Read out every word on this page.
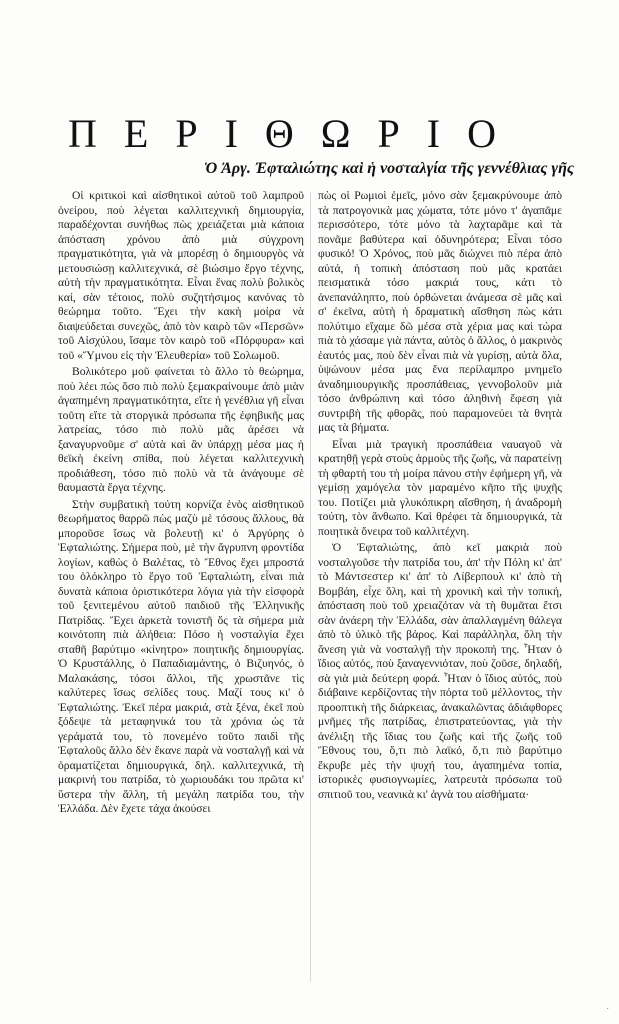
ΠΕΡΙΘΩΡΙΟ
Ὁ Ἀργ. Ἐφταλιώτης καὶ ἡ νοσταλγία τῆς γεννέθλιας γῆς

Οἱ κριτικοὶ καὶ αἰσθητικοὶ αὐτοῦ τοῦ λαμπροῦ ὀνείρου, ποὺ λέγεται καλλιτεχνικὴ δημιουργία, παραδέχονται συνήθως πὼς χρειάζεται μιὰ κάποια ἀπόσταση χρόνου ἀπὸ μιὰ σύγχρονη πραγματικότητα, γιὰ νὰ μπορέσῃ ὁ δημιουργὸς νὰ μετουσιώσῃ καλλιτεχνικά, σὲ βιώσιμο ἔργο τέχνης, αὐτὴ τὴν πραγματικότητα. Εἶναι ἕνας πολὺ βολικὸς καί, σὰν τέτοιος, πολὺ συζητήσιμος κανόνας τὸ θεώρημα τοῦτο. Ἔχει τὴν κακὴ μοίρα νὰ διαψεύδεται συνεχῶς, ἀπὸ τὸν καιρὸ τῶν «Περσῶν» τοῦ Αἰσχύλου, ἴσαμε τὸν καιρὸ τοῦ «Πόρφυρα» καὶ τοῦ «Ὕμνου εἰς τὴν Ἐλευθερία» τοῦ Σολωμοῦ.

Βολικότερο μοῦ φαίνεται τὸ ἄλλο τὸ θεώρημα, ποὺ λέει πὼς ὅσο πιὸ πολὺ ξεμακραίνουμε ἀπὸ μιὰν ἀγαπημένη πραγματικότητα, εἴτε ἡ γενέθλια γῆ εἶναι τοῦτη εἴτε τὰ στοργικὰ πρόσωπα τῆς ἐφηβικῆς μας λατρείας, τόσο πιὸ πολὺ μᾶς ἀρέσει νὰ ξαναγυρνοῦμε σ' αὐτὰ καὶ ἂν ὑπάρχῃ μέσα μας ἡ θεϊκὴ ἐκείνη σπίθα, ποὺ λέγεται καλλιτεχνικὴ προδιάθεση, τόσο πιὸ πολὺ νὰ τὰ ἀνάγουμε σὲ θαυμαστὰ ἔργα τέχνης.

Στὴν συμβατικὴ τούτη κορνίζα ἑνὸς αἰσθητικοῦ θεωρήματος θαρρῶ πὼς μαζὺ μὲ τόσους ἄλλους, θὰ μποροῦσε ἴσως νὰ βολευτῇ κι' ὁ Ἀργύρης ὁ Ἐφταλιώτης. Σήμερα ποὺ, μὲ τὴν ἄγρυπνη φροντίδα λογίων, καθὼς ὁ Βαλέτας, τὸ Ἔθνος ἔχει μπροστά του ὁλόκληρο τὸ ἔργο τοῦ Ἐφταλιώτη, εἶναι πιὰ δυνατὰ κάποια ὁριστικότερα λόγια γιὰ τὴν εἰσφορὰ τοῦ ξενιτεμένου αὐτοῦ παιδιοῦ τῆς Ἑλληνικῆς Πατρίδας. Ἔχει ἀρκετὰ τονιστῆ ὅς τὰ σήμερα μιὰ κοινότοπη πιὰ ἀλήθεια: Πόσο ἡ νοσταλγία ἔχει σταθῆ βαρύτιμο «κίνητρο» ποιητικῆς δημιουργίας. Ὁ Κρυστάλλης, ὁ Παπαδιαμάντης, ὁ Βιζυηνός, ὁ Μαλακάσης, τόσοι ἄλλοι, τῆς χρωστᾶνε τὶς καλύτερες ἴσως σελίδες τους. Μαζί τους κι' ὁ Ἐφταλιώτης. Ἐκεῖ πέρα μακριά, στὰ ξένα, ἐκεῖ ποὺ ξόδεψε τὰ μεταφηνικά του τὰ χρόνια ὡς τὰ γεράματά του, τὸ πονεμένο τοῦτο παιδὶ τῆς Ἐφταλοῦς ἄλλο δὲν ἔκανε παρὰ νὰ νοσταλγῇ καὶ νὰ ὀραματίζεται δημιουργικά, δηλ. καλλιτεχνικά, τὴ μακρινή του πατρίδα, τὸ χωριουδάκι του πρῶτα κι' ὕστερα τὴν ἄλλη, τὴ μεγάλη πατρίδα του, τὴν Ἑλλάδα. Δὲν ἔχετε τάχα ἀκούσει

πὼς οἱ Ρωμιοὶ ἐμεῖς, μόνο σὰν ξεμακρύνουμε ἀπὸ τὰ πατρογονικὰ μας χώματα, τότε μόνο τ' ἀγαπᾶμε περισσότερο, τότε μόνο τὰ λαχταρᾶμε καὶ τὰ πονᾶμε βαθύτερα καὶ ὀδυνηρότερα; Εἶναι τόσο φυσικό! Ὁ Χρόνος, ποὺ μᾶς διώχνει πιὸ πέρα ἀπὸ αὐτά, ἡ τοπικὴ ἀπόσταση ποὺ μᾶς κρατάει πεισματικὰ τόσο μακριά τους, κάτι τὸ ἀνεπανάληπτο, ποὺ ὀρθώνεται ἀνάμεσα σὲ μᾶς καὶ σ' ἐκεῖνα, αὐτὴ ἡ δραματικὴ αἴσθηση πὼς κάτι πολύτιμο εἴχαμε δῶ μέσα στὰ χέρια μας καὶ τώρα πιὰ τὸ χάσαμε γιὰ πάντα, αὐτὸς ὁ ἄλλος, ὁ μακρινὸς ἑαυτός μας, ποὺ δὲν εἶναι πιὰ νὰ γυρίσῃ, αὐτὰ ὅλα, ὑψώνουν μέσα μας ἕνα περίλαμπρο μνημεῖο ἀναδημιουργικῆς προσπάθειας, γεννοβολοῦν μιὰ τόσο ἀνθρώπινη καὶ τόσο ἀληθινὴ ἔφεση γιὰ συντριβὴ τῆς φθορᾶς, ποὺ παραμονεύει τὰ θνητὰ μας τὰ βήματα.

Εἶναι μιὰ τραγικὴ προσπάθεια ναυαγοῦ νὰ κρατηθῇ γερὰ στοὺς ἁρμοὺς τῆς ζωῆς, νὰ παρατείνῃ τὴ φθαρτή του τὴ μοίρα πάνου στὴν ἐφήμερη γῆ, νὰ γεμίσῃ χαμόγελα τὸν μαραμένο κῆπο τῆς ψυχῆς του. Ποτίζει μιὰ γλυκόπικρη αἴσθηση, ἡ ἀναδρομὴ τούτη, τὸν ἄνθωπο. Καὶ θρέφει τὰ δημιουργικά, τὰ ποιητικὰ ὄνειρα τοῦ καλλιτέχνη.

Ὁ Ἐφταλιώτης, ἀπὸ κεῖ μακριὰ ποὺ νοσταλγοῦσε τὴν πατρίδα του, ἀπ' τὴν Πόλη κι' ἀπ' τὸ Μάντσεστερ κι' ἀπ' τὸ Λίβερπουλ κι' ἀπὸ τὴ Βομβάη, εἶχε ὅλη, καὶ τὴ χρονικὴ καὶ τὴν τοπική, ἀπόσταση ποὺ τοῦ χρειαζόταν νὰ τὴ θυμᾶται ἔτσι σὰν ἀνάερη τὴν Ἑλλάδα, σὰν ἀπαλλαγμένη θάλεγα ἀπὸ τὸ ὑλικὸ τῆς βάρος. Καὶ παράλληλα, ὅλη τὴν ἄνεση γιὰ νὰ νοσταλγῇ τὴν προκοπή της. Ἦταν ὁ ἴδιος αὐτός, ποὺ ξαναγεννιόταν, ποὺ ζοῦσε, δηλαδή, σὰ γιὰ μιὰ δεύτερη φορά. Ἦταν ὁ ἴδιος αὐτός, ποὺ διάβαινε κερδίζοντας τὴν πόρτα τοῦ μέλλοντος, τὴν προοπτικὴ τῆς διάρκειας, ἀνακαλῶντας ἀδιάφθορες μνῆμες τῆς πατρίδας, ἐπιστρατεύοντας, γιὰ τὴν ἀνέλιξη τῆς ἴδιας του ζωῆς καὶ τῆς ζωῆς τοῦ Ἔθνους του, ὅ,τι πιὸ λαϊκό, ὅ,τι πιὸ βαρύτιμο ἔκρυβε μὲς τὴν ψυχή του, ἀγαπημένα τοπία, ἱστορικὲς φυσιογνωμίες, λατρευτὰ πρόσωπα τοῦ σπιτιοῦ του, νεανικὰ κι' ἀγνὰ του αἰσθήματα·

·
